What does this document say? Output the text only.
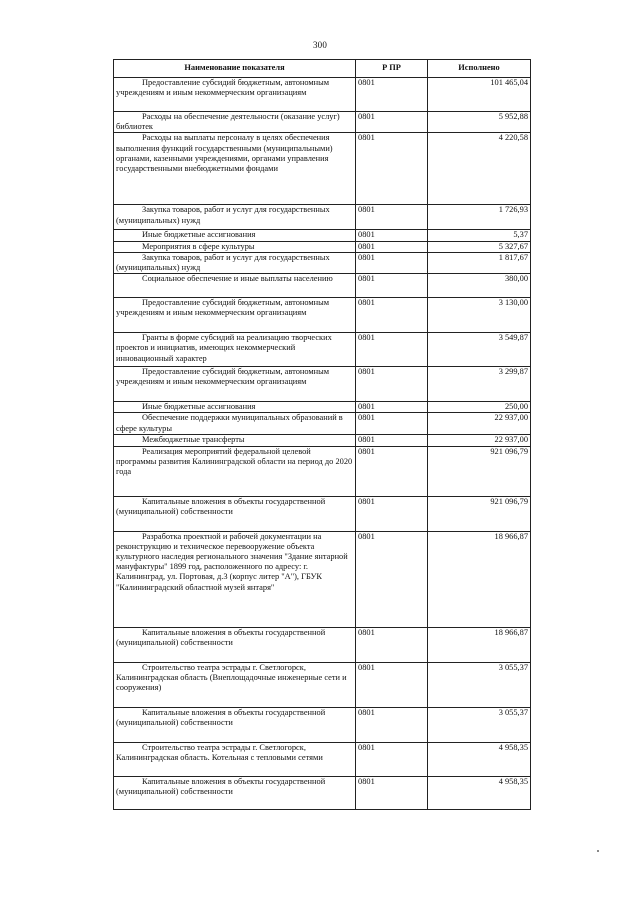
300
Наименование показателя	Р ПР	Исполнено

Предоставление субсидий бюджетным, автономным учреждениям и иным некоммерческим организациям	0801	101 465,04

Расходы на обеспечение деятельности (оказание услуг) библиотек	0801	5 952,88

Расходы на выплаты персоналу в целях обеспечения выполнения функций государственными (муниципальными) органами, казенными учреждениями, органами управления государственными внебюджетными фондами	0801	4 220,58

Закупка товаров, работ и услуг для государственных (муниципальных) нужд	0801	1 726,93

Иные бюджетные ассигнования	0801	5,37

Мероприятия в сфере культуры	0801	5 327,67

Закупка товаров, работ и услуг для государственных (муниципальных) нужд	0801	1 817,67

Социальное обеспечение и иные выплаты населению	0801	380,00

Предоставление субсидий бюджетным, автономным учреждениям и иным некоммерческим организациям	0801	3 130,00

Гранты в форме субсидий на реализацию творческих проектов и инициатив, имеющих некоммерческий инновационный характер	0801	3 549,87

Предоставление субсидий бюджетным, автономным учреждениям и иным некоммерческим организациям	0801	3 299,87

Иные бюджетные ассигнования	0801	250,00

Обеспечение поддержки муниципальных образований в сфере культуры	0801	22 937,00

Межбюджетные трансферты	0801	22 937,00

Реализация мероприятий федеральной целевой программы развития Калининградской области на период до 2020 года	0801	921 096,79

Капитальные вложения в объекты государственной (муниципальной) собственности	0801	921 096,79

Разработка проектной и рабочей документации на реконструкцию и техническое перевооружение объекта культурного наследия регионального значения "Здание янтарной мануфактуры" 1899 год, расположенного по адресу: г. Калининград, ул. Портовая, д.3 (корпус литер "А"), ГБУК "Калининградский областной музей янтаря"	0801	18 966,87

Капитальные вложения в объекты государственной (муниципальной) собственности	0801	18 966,87

Строительство театра эстрады г. Светлогорск, Калининградская область (Внеплощадочные инженерные сети и сооружения)	0801	3 055,37

Капитальные вложения в объекты государственной (муниципальной) собственности	0801	3 055,37

Строительство театра эстрады г. Светлогорск, Калининградская область. Котельная с тепловыми сетями	0801	4 958,35

Капитальные вложения в объекты государственной (муниципальной) собственности	0801	4 958,35
